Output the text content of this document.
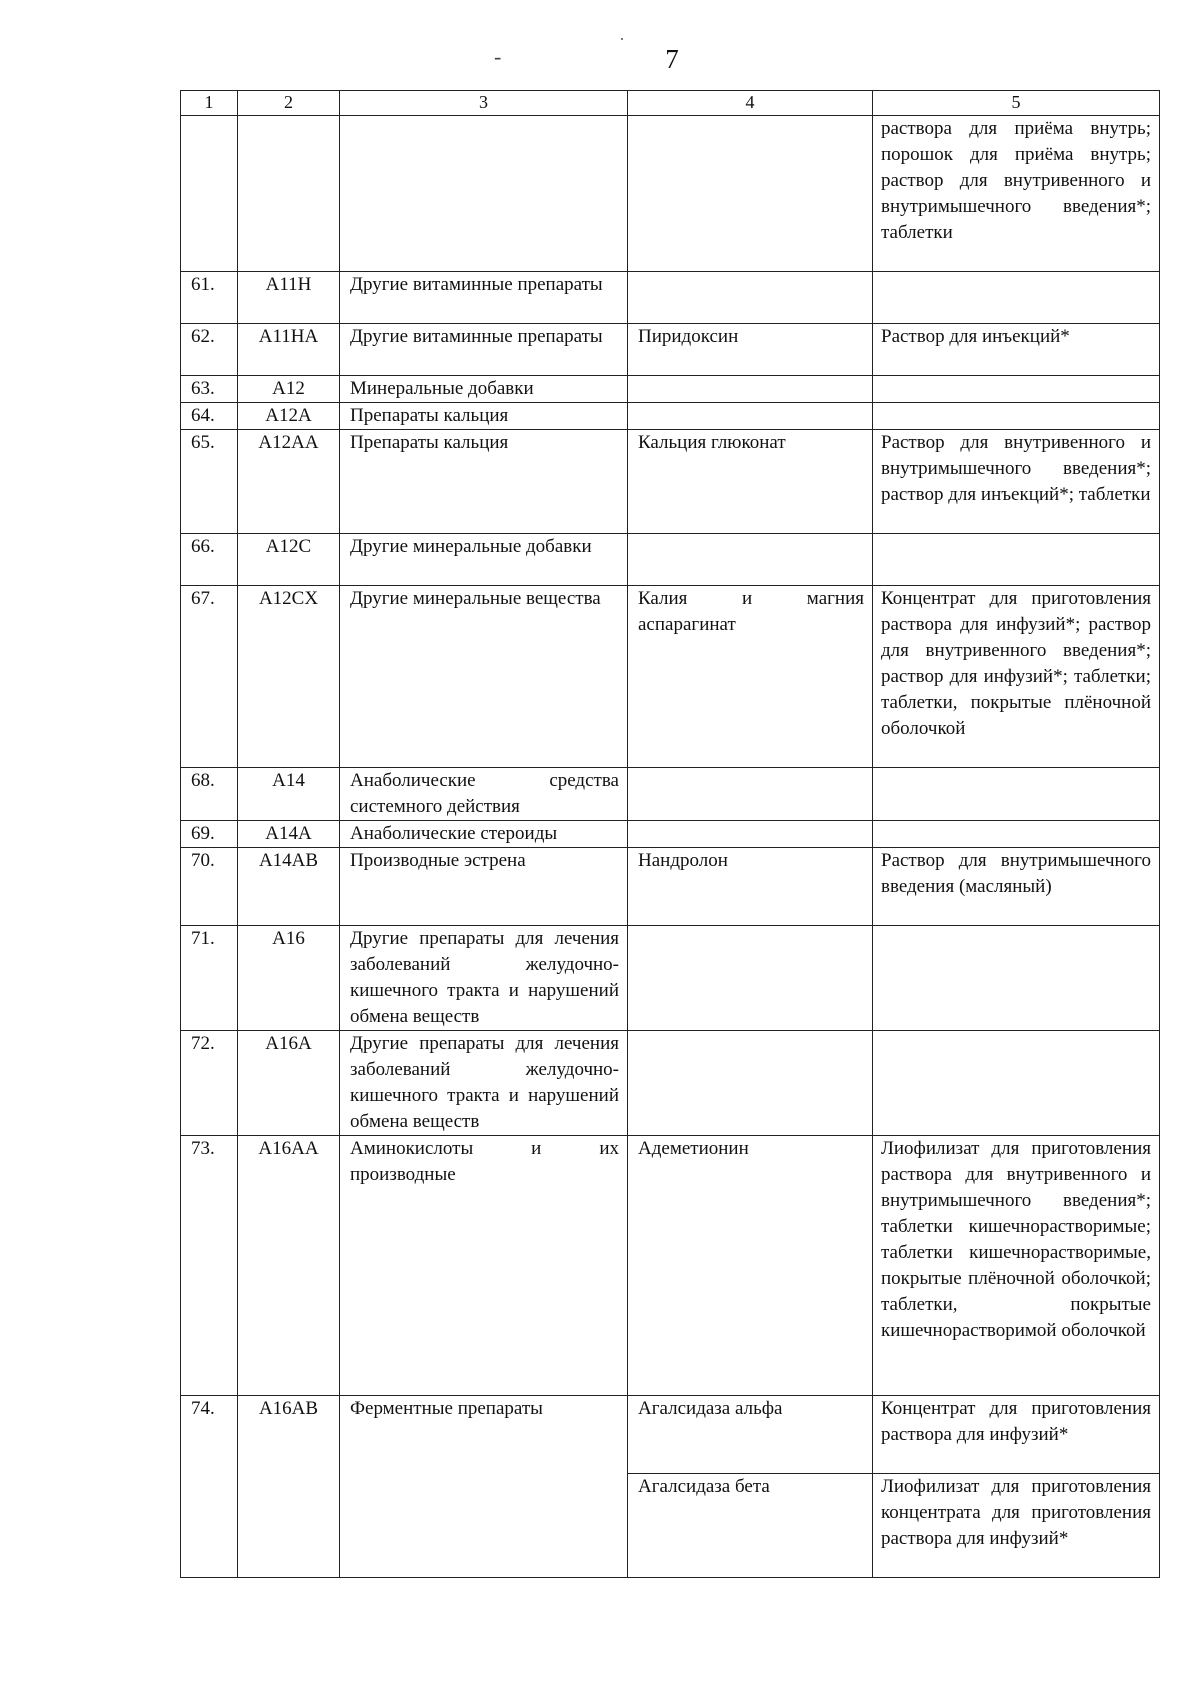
7
-
1	2	3	4	5
				раствора для приёма внутрь; порошок для приёма внутрь; раствор для внутривенного и внутримышечного введения*; таблетки
61.	A11H	Другие витаминные препараты		
62.	A11HA	Другие витаминные препараты	Пиридоксин	Раствор для инъекций*
63.	A12	Минеральные добавки		
64.	A12A	Препараты кальция		
65.	A12AA	Препараты кальция	Кальция глюконат	Раствор для внутривенного и внутримышечного введения*; раствор для инъекций*; таблетки
66.	A12C	Другие минеральные добавки		
67.	A12CX	Другие минеральные вещества	Калия и магния аспарагинат	Концентрат для приготовления раствора для инфузий*; раствор для внутривенного введения*; раствор для инфузий*; таблетки; таблетки, покрытые плёночной оболочкой
68.	A14	Анаболические средства системного действия		
69.	A14A	Анаболические стероиды		
70.	A14AB	Производные эстрена	Нандролон	Раствор для внутримышечного введения (масляный)
71.	A16	Другие препараты для лечения заболеваний желудочно-кишечного тракта и нарушений обмена веществ		
72.	A16A	Другие препараты для лечения заболеваний желудочно-кишечного тракта и нарушений обмена веществ		
73.	A16AA	Аминокислоты и их производные	Адеметионин	Лиофилизат для приготовления раствора для внутривенного и внутримышечного введения*; таблетки кишечнорастворимые; таблетки кишечнорастворимые, покрытые плёночной оболочкой; таблетки, покрытые кишечнорастворимой оболочкой
74.	A16AB	Ферментные препараты	Агалсидаза альфа	Концентрат для приготовления раствора для инфузий*
			Агалсидаза бета	Лиофилизат для приготовления концентрата для приготовления раствора для инфузий*
